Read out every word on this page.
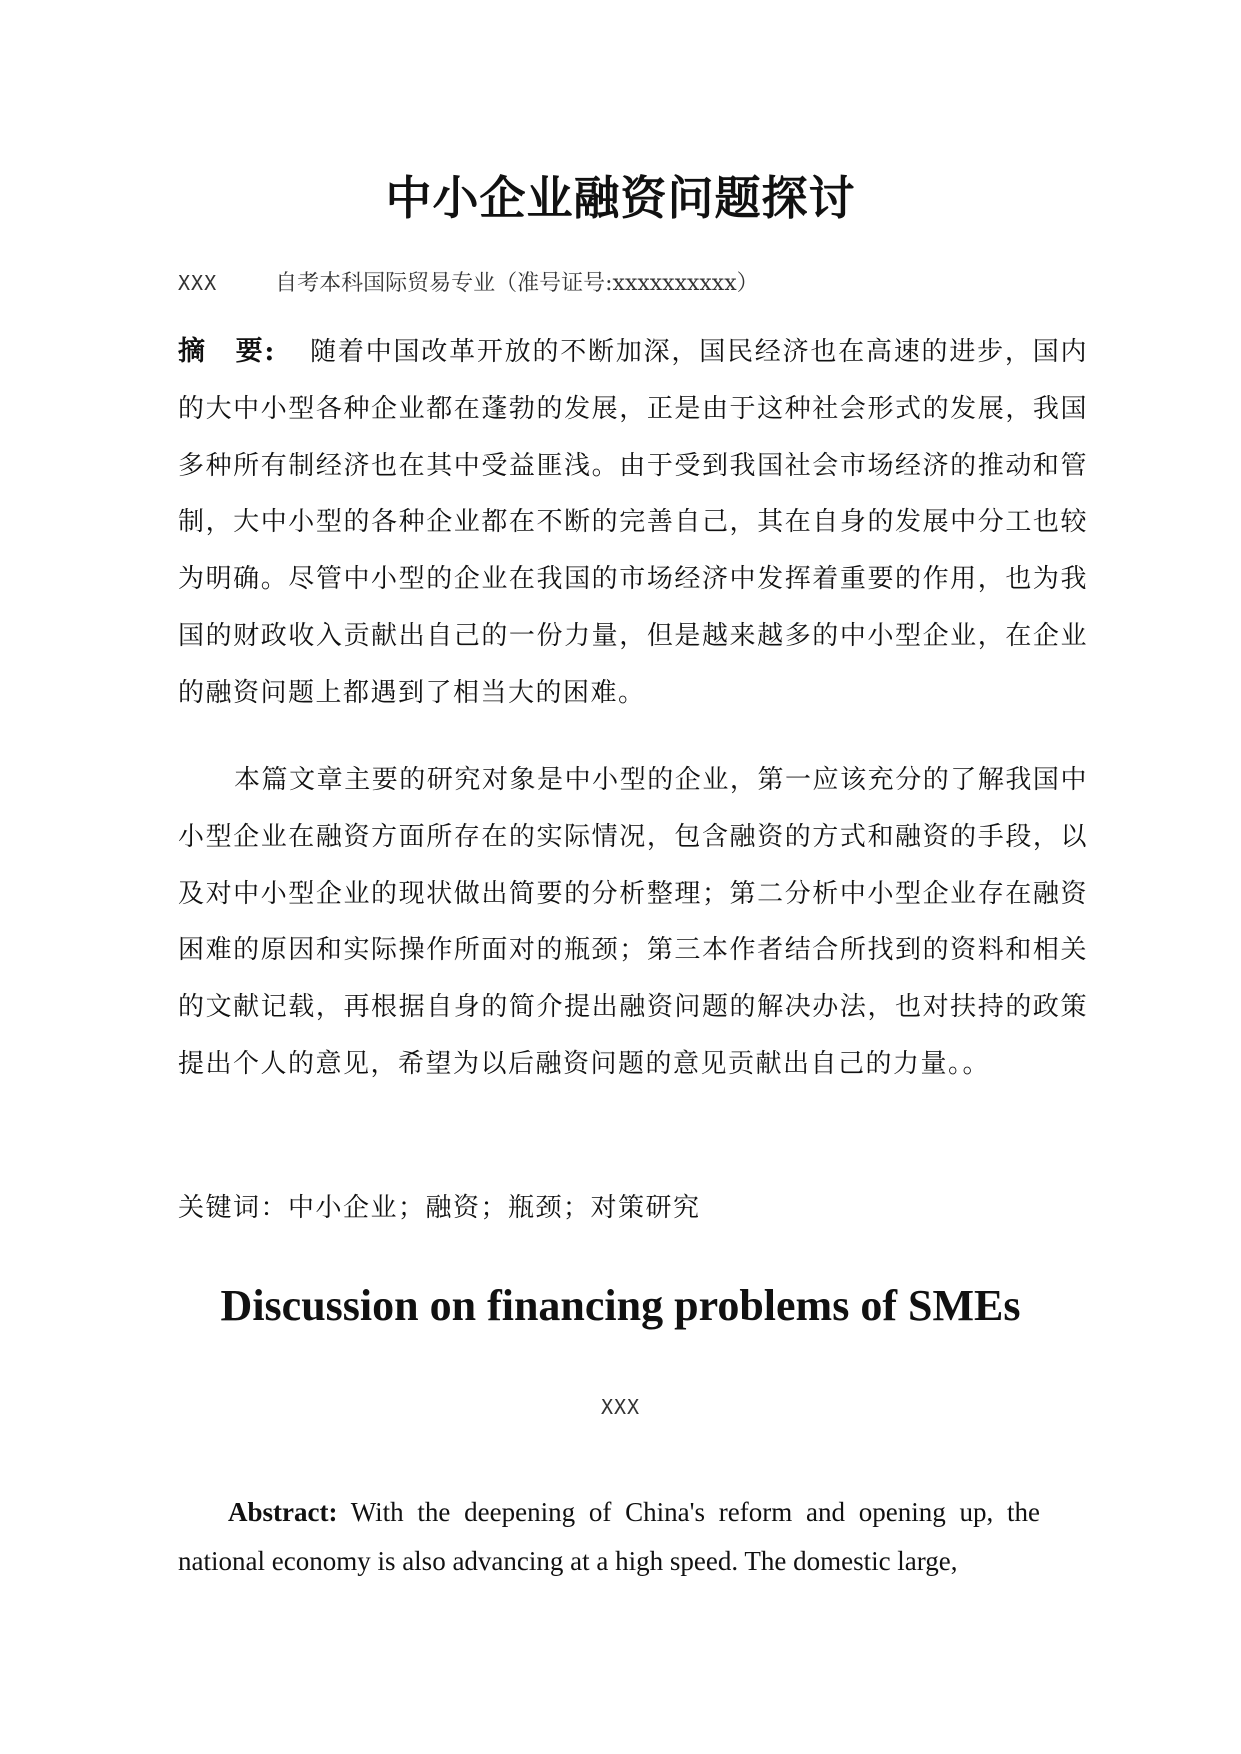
中小企业融资问题探讨
XXX	自考本科国际贸易专业（准号证号:xxxxxxxxxx）

摘　要: 随着中国改革开放的不断加深，国民经济也在高速的进步，国内的大中小型各种企业都在蓬勃的发展，正是由于这种社会形式的发展，我国多种所有制经济也在其中受益匪浅。由于受到我国社会市场经济的推动和管制，大中小型的各种企业都在不断的完善自己，其在自身的发展中分工也较为明确。尽管中小型的企业在我国的市场经济中发挥着重要的作用，也为我国的财政收入贡献出自己的一份力量，但是越来越多的中小型企业，在企业的融资问题上都遇到了相当大的困难。

本篇文章主要的研究对象是中小型的企业，第一应该充分的了解我国中小型企业在融资方面所存在的实际情况，包含融资的方式和融资的手段，以及对中小型企业的现状做出简要的分析整理；第二分析中小型企业存在融资困难的原因和实际操作所面对的瓶颈；第三本作者结合所找到的资料和相关的文献记载，再根据自身的简介提出融资问题的解决办法，也对扶持的政策提出个人的意见，希望为以后融资问题的意见贡献出自己的力量。。

关键词：中小企业；融资；瓶颈；对策研究

Discussion on financing problems of SMEs
XXX

Abstract: With the deepening of China's reform and opening up, the national economy is also advancing at a high speed. The domestic large,
